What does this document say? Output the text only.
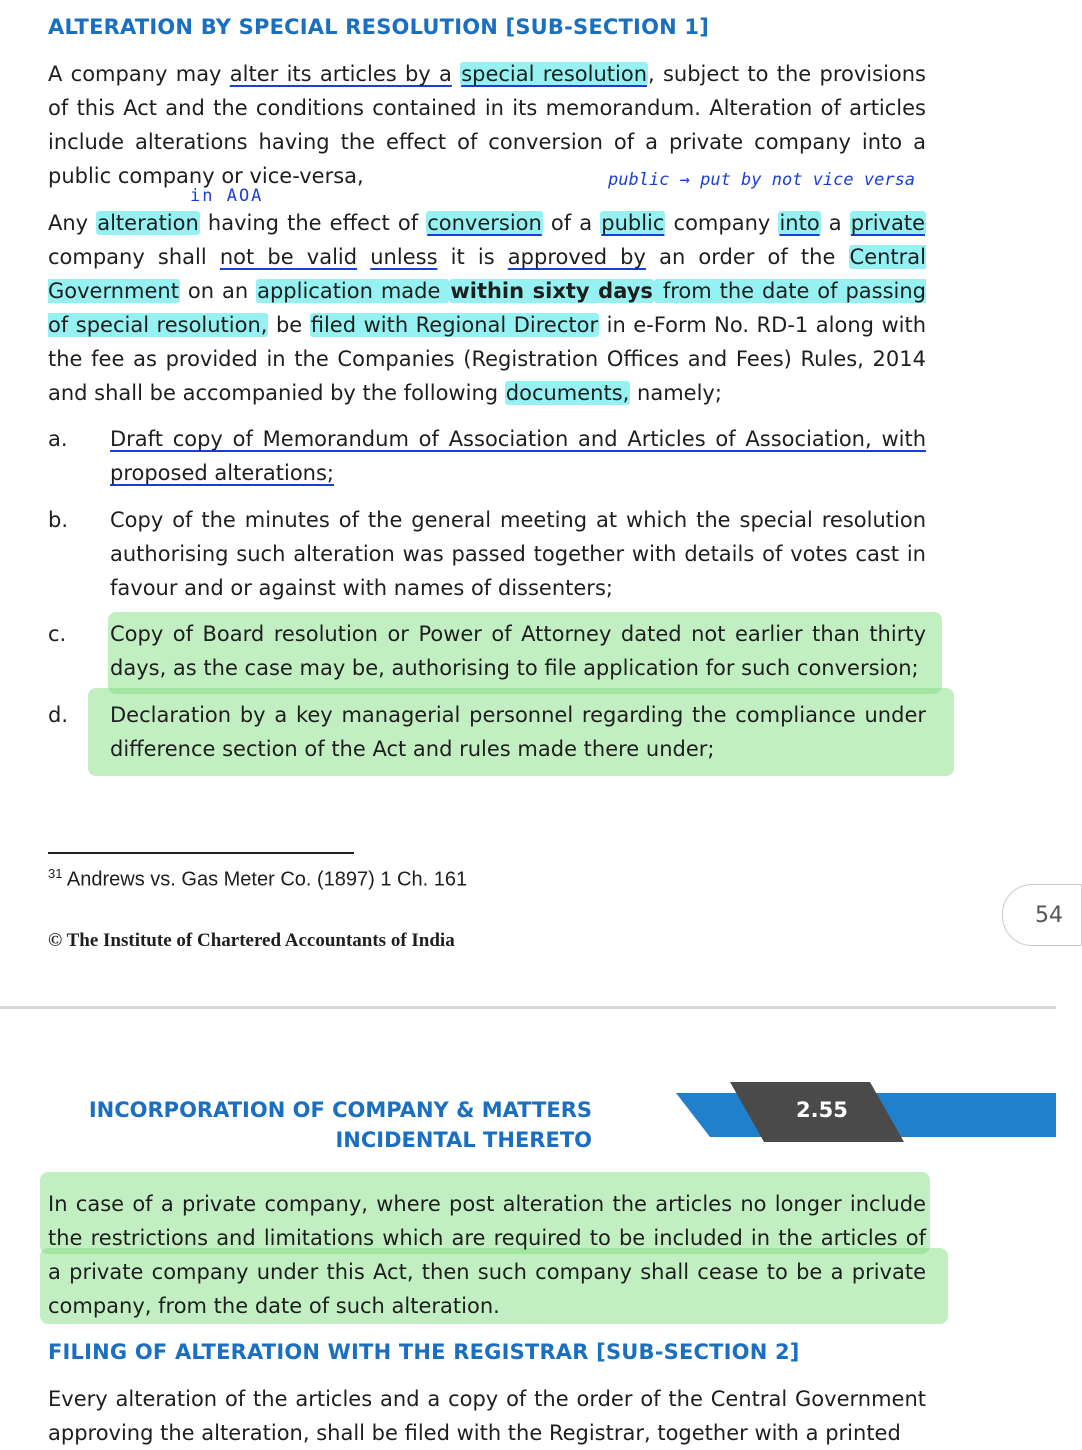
ALTERATION BY SPECIAL RESOLUTION [SUB-SECTION 1]

A company may alter its articles by a special resolution, subject to the provisions of this Act and the conditions contained in its memorandum. Alteration of articles include alterations having the effect of conversion of a private company into a public company or vice-versa,

in AOA
public → put by not vice versa

Any alteration having the effect of conversion of a public company into a private company shall not be valid unless it is approved by an order of the Central Government on an application made within sixty days from the date of passing of special resolution, be filed with Regional Director in e-Form No. RD-1 along with the fee as provided in the Companies (Registration Offices and Fees) Rules, 2014 and shall be accompanied by the following documents, namely;

a. Draft copy of Memorandum of Association and Articles of Association, with proposed alterations;

b. Copy of the minutes of the general meeting at which the special resolution authorising such alteration was passed together with details of votes cast in favour and or against with names of dissenters;

c. Copy of Board resolution or Power of Attorney dated not earlier than thirty days, as the case may be, authorising to file application for such conversion;

d. Declaration by a key managerial personnel regarding the compliance under difference section of the Act and rules made there under;

$^{31}$ Andrews vs. Gas Meter Co. (1897) 1 Ch. 161
© The Institute of Chartered Accountants of India
54
2.55
INCORPORATION OF COMPANY & MATTERS
INCIDENTAL THERETO

In case of a private company, where post alteration the articles no longer include the restrictions and limitations which are required to be included in the articles of a private company under this Act, then such company shall cease to be a private company, from the date of such alteration.

FILING OF ALTERATION WITH THE REGISTRAR [SUB-SECTION 2]

Every alteration of the articles and a copy of the order of the Central Government approving the alteration, shall be filed with the Registrar, together with a printed
